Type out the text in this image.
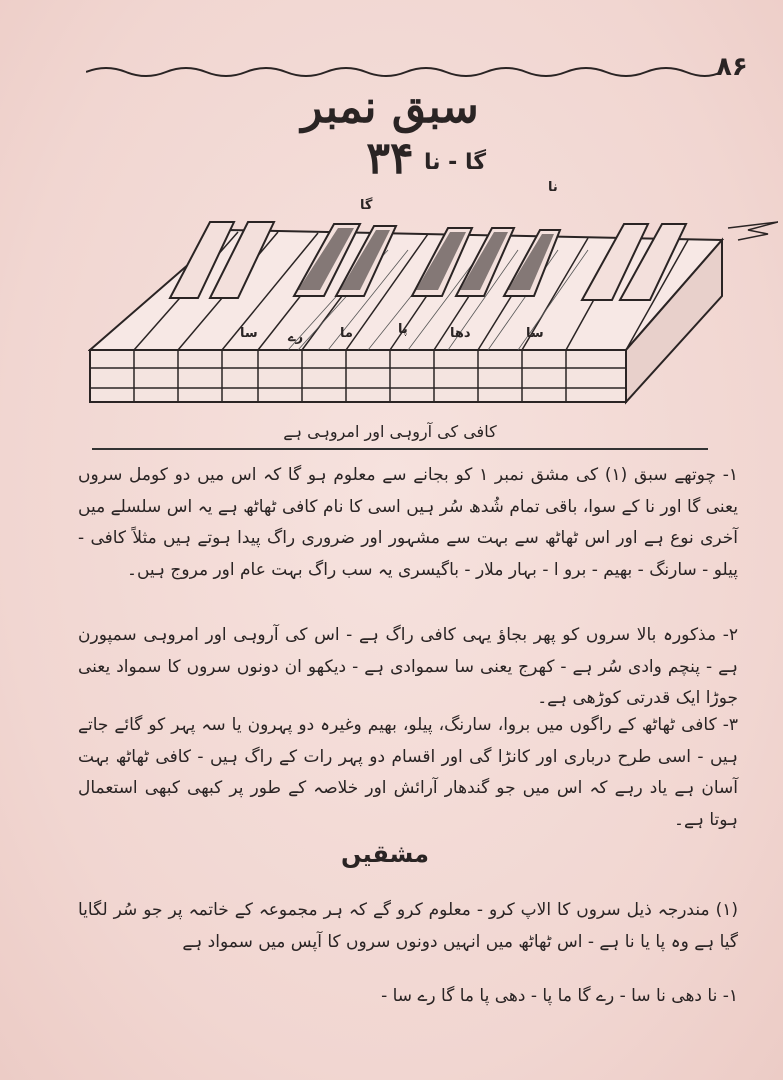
۸۶
سبق نمبر ۳۴ گا - نا
گا
نا
سا رے	ما	پا	دھا	سا
کافی کی آروہی اور امروہی ہے

۱- چوتھے سبق (۱) کی مشق نمبر ۱ کو بجانے سے معلوم ہو گا کہ اس میں دو کومل سروں یعنی گا اور نا کے سوا، باقی تمام شُدھ سُر ہیں اسی کا نام کافی ٹھاٹھ ہے یہ اس سلسلے میں آخری نوع ہے اور اس ٹھاٹھ سے بہت سے مشہور اور ضروری راگ پیدا ہوتے ہیں مثلاً کافی - پیلو - سارنگ - بھیم - برو ا - بہار ملار - باگیسری یہ سب راگ بہت عام اور مروج ہیں۔

۲- مذکورہ بالا سروں کو پھر بجاؤ یہی کافی راگ ہے - اس کی آروہی اور امروہی سمپورن ہے - پنچم وادی سُر ہے - کھرج یعنی سا سموادی ہے - دیکھو ان دونوں سروں کا سمواد یعنی جوڑا ایک قدرتی کوڑھی ہے۔

۳- کافی ٹھاٹھ کے راگوں میں بروا، سارنگ، پیلو، بھیم وغیرہ دو پہرون یا سہ پہر کو گائے جاتے ہیں - اسی طرح درباری اور کانڑا گی اور اقسام دو پہر رات کے راگ ہیں - کافی ٹھاٹھ بہت آسان ہے یاد رہے کہ اس میں جو گندھار آرائش اور خلاصہ کے طور پر کبھی کبھی استعمال ہوتا ہے۔

مشقیں

(۱) مندرجہ ذیل سروں کا الاپ کرو - معلوم کرو گے کہ ہر مجموعہ کے خاتمہ پر جو سُر لگایا گیا ہے وہ پا یا نا ہے - اس ٹھاٹھ میں انہیں دونوں سروں کا آپس میں سمواد ہے

۱- نا دھی نا سا - رے گا ما پا - دھی پا ما گا رے سا -
